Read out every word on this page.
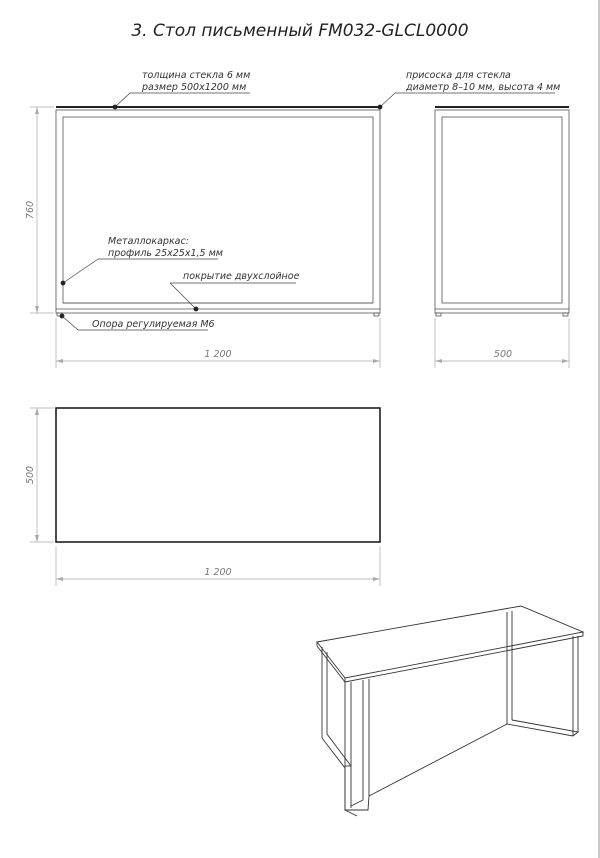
3. Стол письменный FM032-GLCL0000
760
1 200
толщина стекла 6 мм
размер 500х1200 мм
присоска для стекла
диаметр 8–10 мм, высота 4 мм
Металлокаркас:
профиль 25х25х1,5 мм
покрытие двухслойное
Опора регулируемая М6
500
500
1 200
